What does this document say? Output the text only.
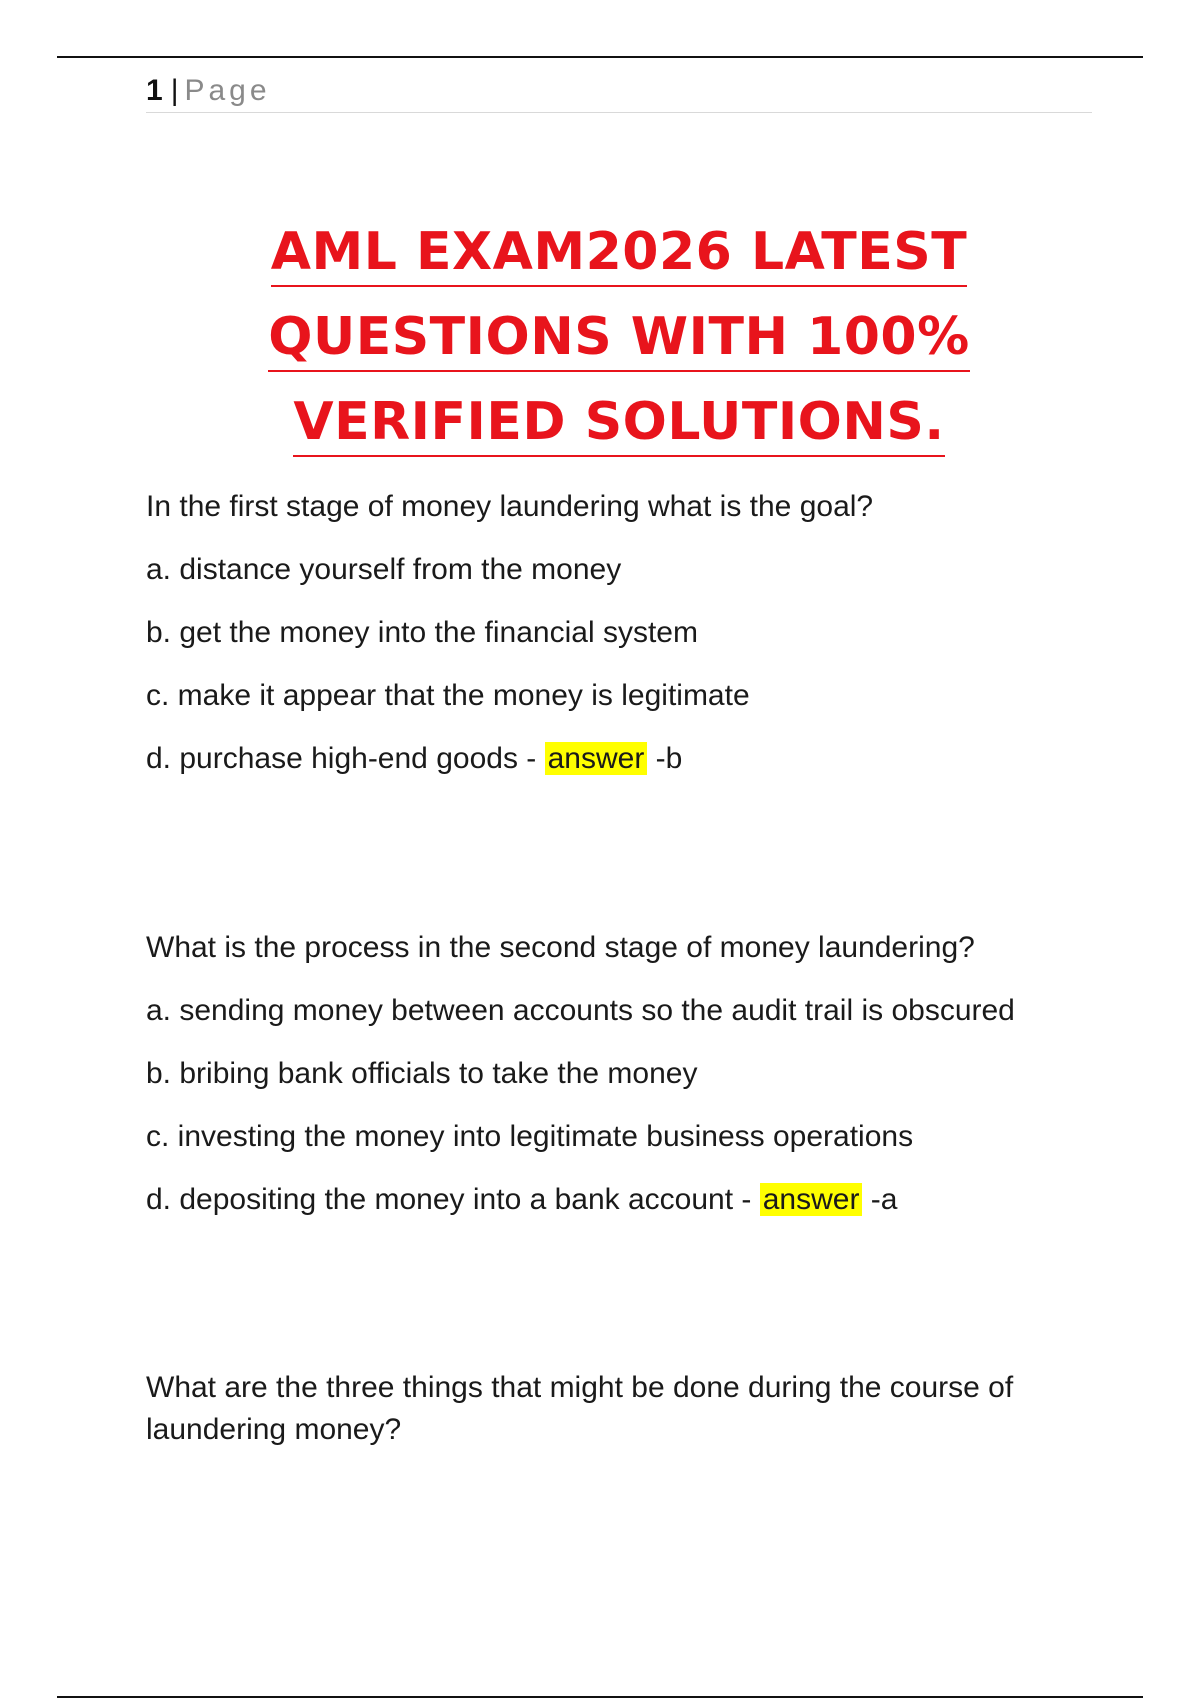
1 | Page
AML EXAM2026 LATEST
QUESTIONS WITH 100%
VERIFIED SOLUTIONS.

In the first stage of money laundering what is the goal?

a. distance yourself from the money

b. get the money into the financial system

c. make it appear that the money is legitimate

d. purchase high-end goods - answer -b

What is the process in the second stage of money laundering?

a. sending money between accounts so the audit trail is obscured

b. bribing bank officials to take the money

c. investing the money into legitimate business operations

d. depositing the money into a bank account - answer -a

What are the three things that might be done during the course of laundering money?
